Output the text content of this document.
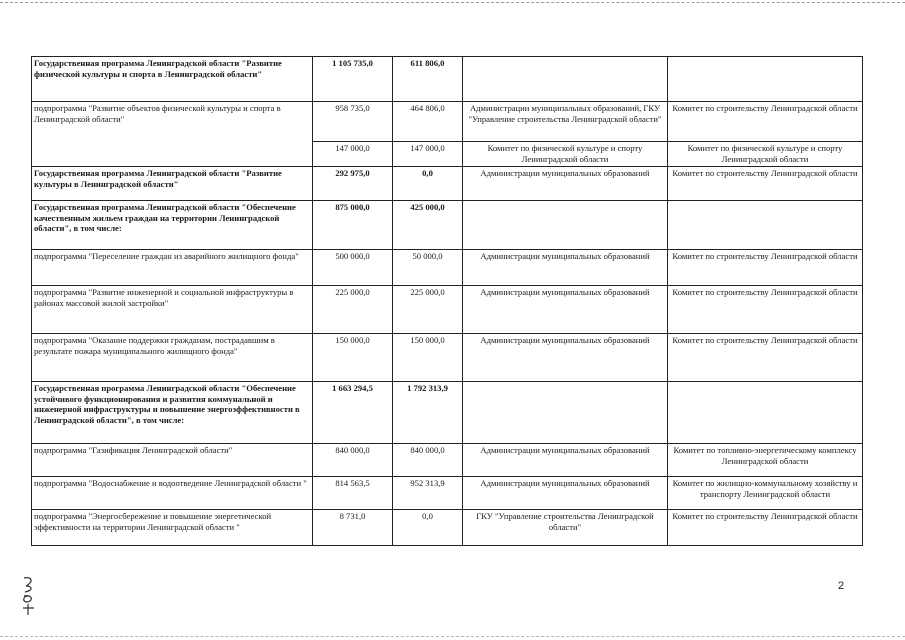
Государственная программа Ленинградской области "Развитие физической культуры и спорта в Ленинградской области"	1 105 735,0	611 806,0		
подпрограмма "Развитие объектов физической культуры и спорта в Ленинградской области"	958 735,0	464 806,0	Администрации муниципальных образований, ГКУ "Управление строительства Ленинградской области"	Комитет по строительству Ленинградской области
	147 000,0	147 000,0	Комитет по физической культуре и спорту Ленинградской области	Комитет по физической культуре и спорту Ленинградской области
Государственная программа Ленинградской области "Развитие культуры в Ленинградской области"	292 975,0	0,0	Администрации муниципальных образований	Комитет по строительству Ленинградской области
Государственная программа Ленинградской области "Обеспечение качественным жильем граждан на территории Ленинградской области", в том числе:	875 000,0	425 000,0		
подпрограмма "Переселение граждан из аварийного жилищного фонда"	500 000,0	50 000,0	Администрации муниципальных образований	Комитет по строительству Ленинградской области
подпрограмма "Развитие инженерной и социальной инфраструктуры в районах массовой жилой застройки"	225 000,0	225 000,0	Администрации муниципальных образований	Комитет по строительству Ленинградской области
подпрограмма "Оказание поддержки гражданам, пострадавшим в результате пожара муниципального жилищного фонда"	150 000,0	150 000,0	Администрации муниципальных образований	Комитет по строительству Ленинградской области
Государственная программа Ленинградской области "Обеспечение устойчивого функционирования и развития коммунальной и инженерной инфраструктуры и повышение энергоэффективности в Ленинградской области", в том числе:	1 663 294,5	1 792 313,9		
подпрограмма "Газификация Ленинградской области"	840 000,0	840 000,0	Администрации муниципальных образований	Комитет по топливно-энергетическому комплексу Ленинградской области
подпрограмма "Водоснабжение и водоотведение Ленинградской области "	814 563,5	952 313,9	Администрации муниципальных образований	Комитет по жилищно-коммунальному хозяйству и транспорту Ленинградской области
подпрограмма "Энергосбережение и повышение энергетической эффективности на территории Ленинградской области "	8 731,0	0,0	ГКУ "Управление строительства Ленинградской области"	Комитет по строительству Ленинградской области
2
